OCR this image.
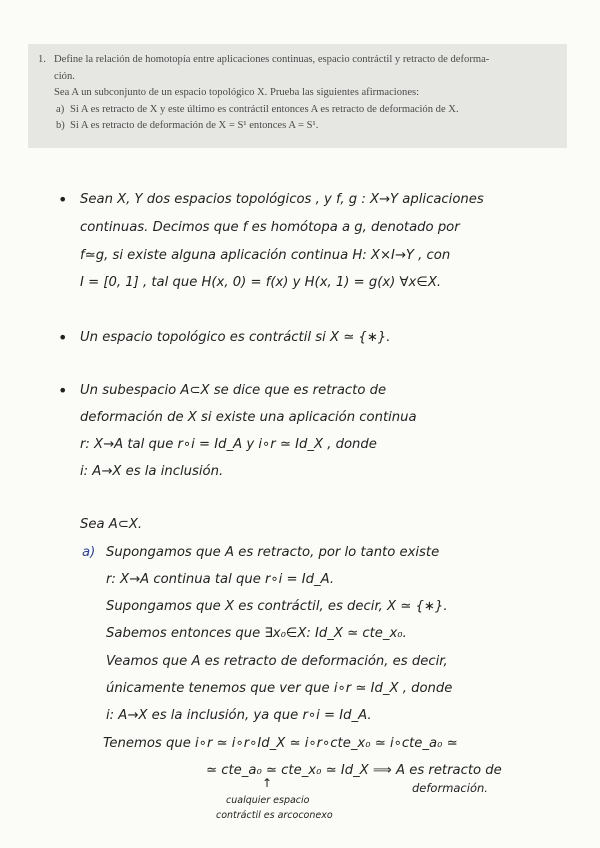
1. Define la relación de homotopía entre aplicaciones continuas, espacio contráctil y retracto de deforma-
ción.
Sea A un subconjunto de un espacio topológico X. Prueba las siguientes afirmaciones:
a) Si A es retracto de X y este último es contráctil entonces A es retracto de deformación de X.
b) Si A es retracto de deformación de X = S¹ entonces A = S¹.
• Sean X, Y dos espacios topológicos , y f, g : X→Y aplicaciones
continuas. Decimos que f es homótopa a g, denotado por
f≃g, si existe alguna aplicación continua H: X×I→Y , con
I = [0, 1] , tal que H(x, 0) = f(x) y H(x, 1) = g(x) ∀x∈X.
• Un espacio topológico es contráctil si X ≃ {∗}.
• Un subespacio A⊂X se dice que es retracto de
deformación de X si existe una aplicación continua
r: X→A tal que r∘i = Id_A y i∘r ≃ Id_X , donde
i: A→X es la inclusión.
Sea A⊂X.
a) Supongamos que A es retracto, por lo tanto existe
r: X→A continua tal que r∘i = Id_A.
Supongamos que X es contráctil, es decir, X ≃ {∗}.
Sabemos entonces que ∃x₀∈X: Id_X ≃ cte_x₀.
Veamos que A es retracto de deformación, es decir,
únicamente tenemos que ver que i∘r ≃ Id_X , donde
i: A→X es la inclusión, ya que r∘i = Id_A.
Tenemos que i∘r ≃ i∘r∘Id_X ≃ i∘r∘cte_x₀ ≃ i∘cte_a₀ ≃
≃ cte_a₀ ≃ cte_x₀ ≃ Id_X ⟹ A es retracto de
deformación.
↑
cualquier espacio
contráctil es arcoconexo
